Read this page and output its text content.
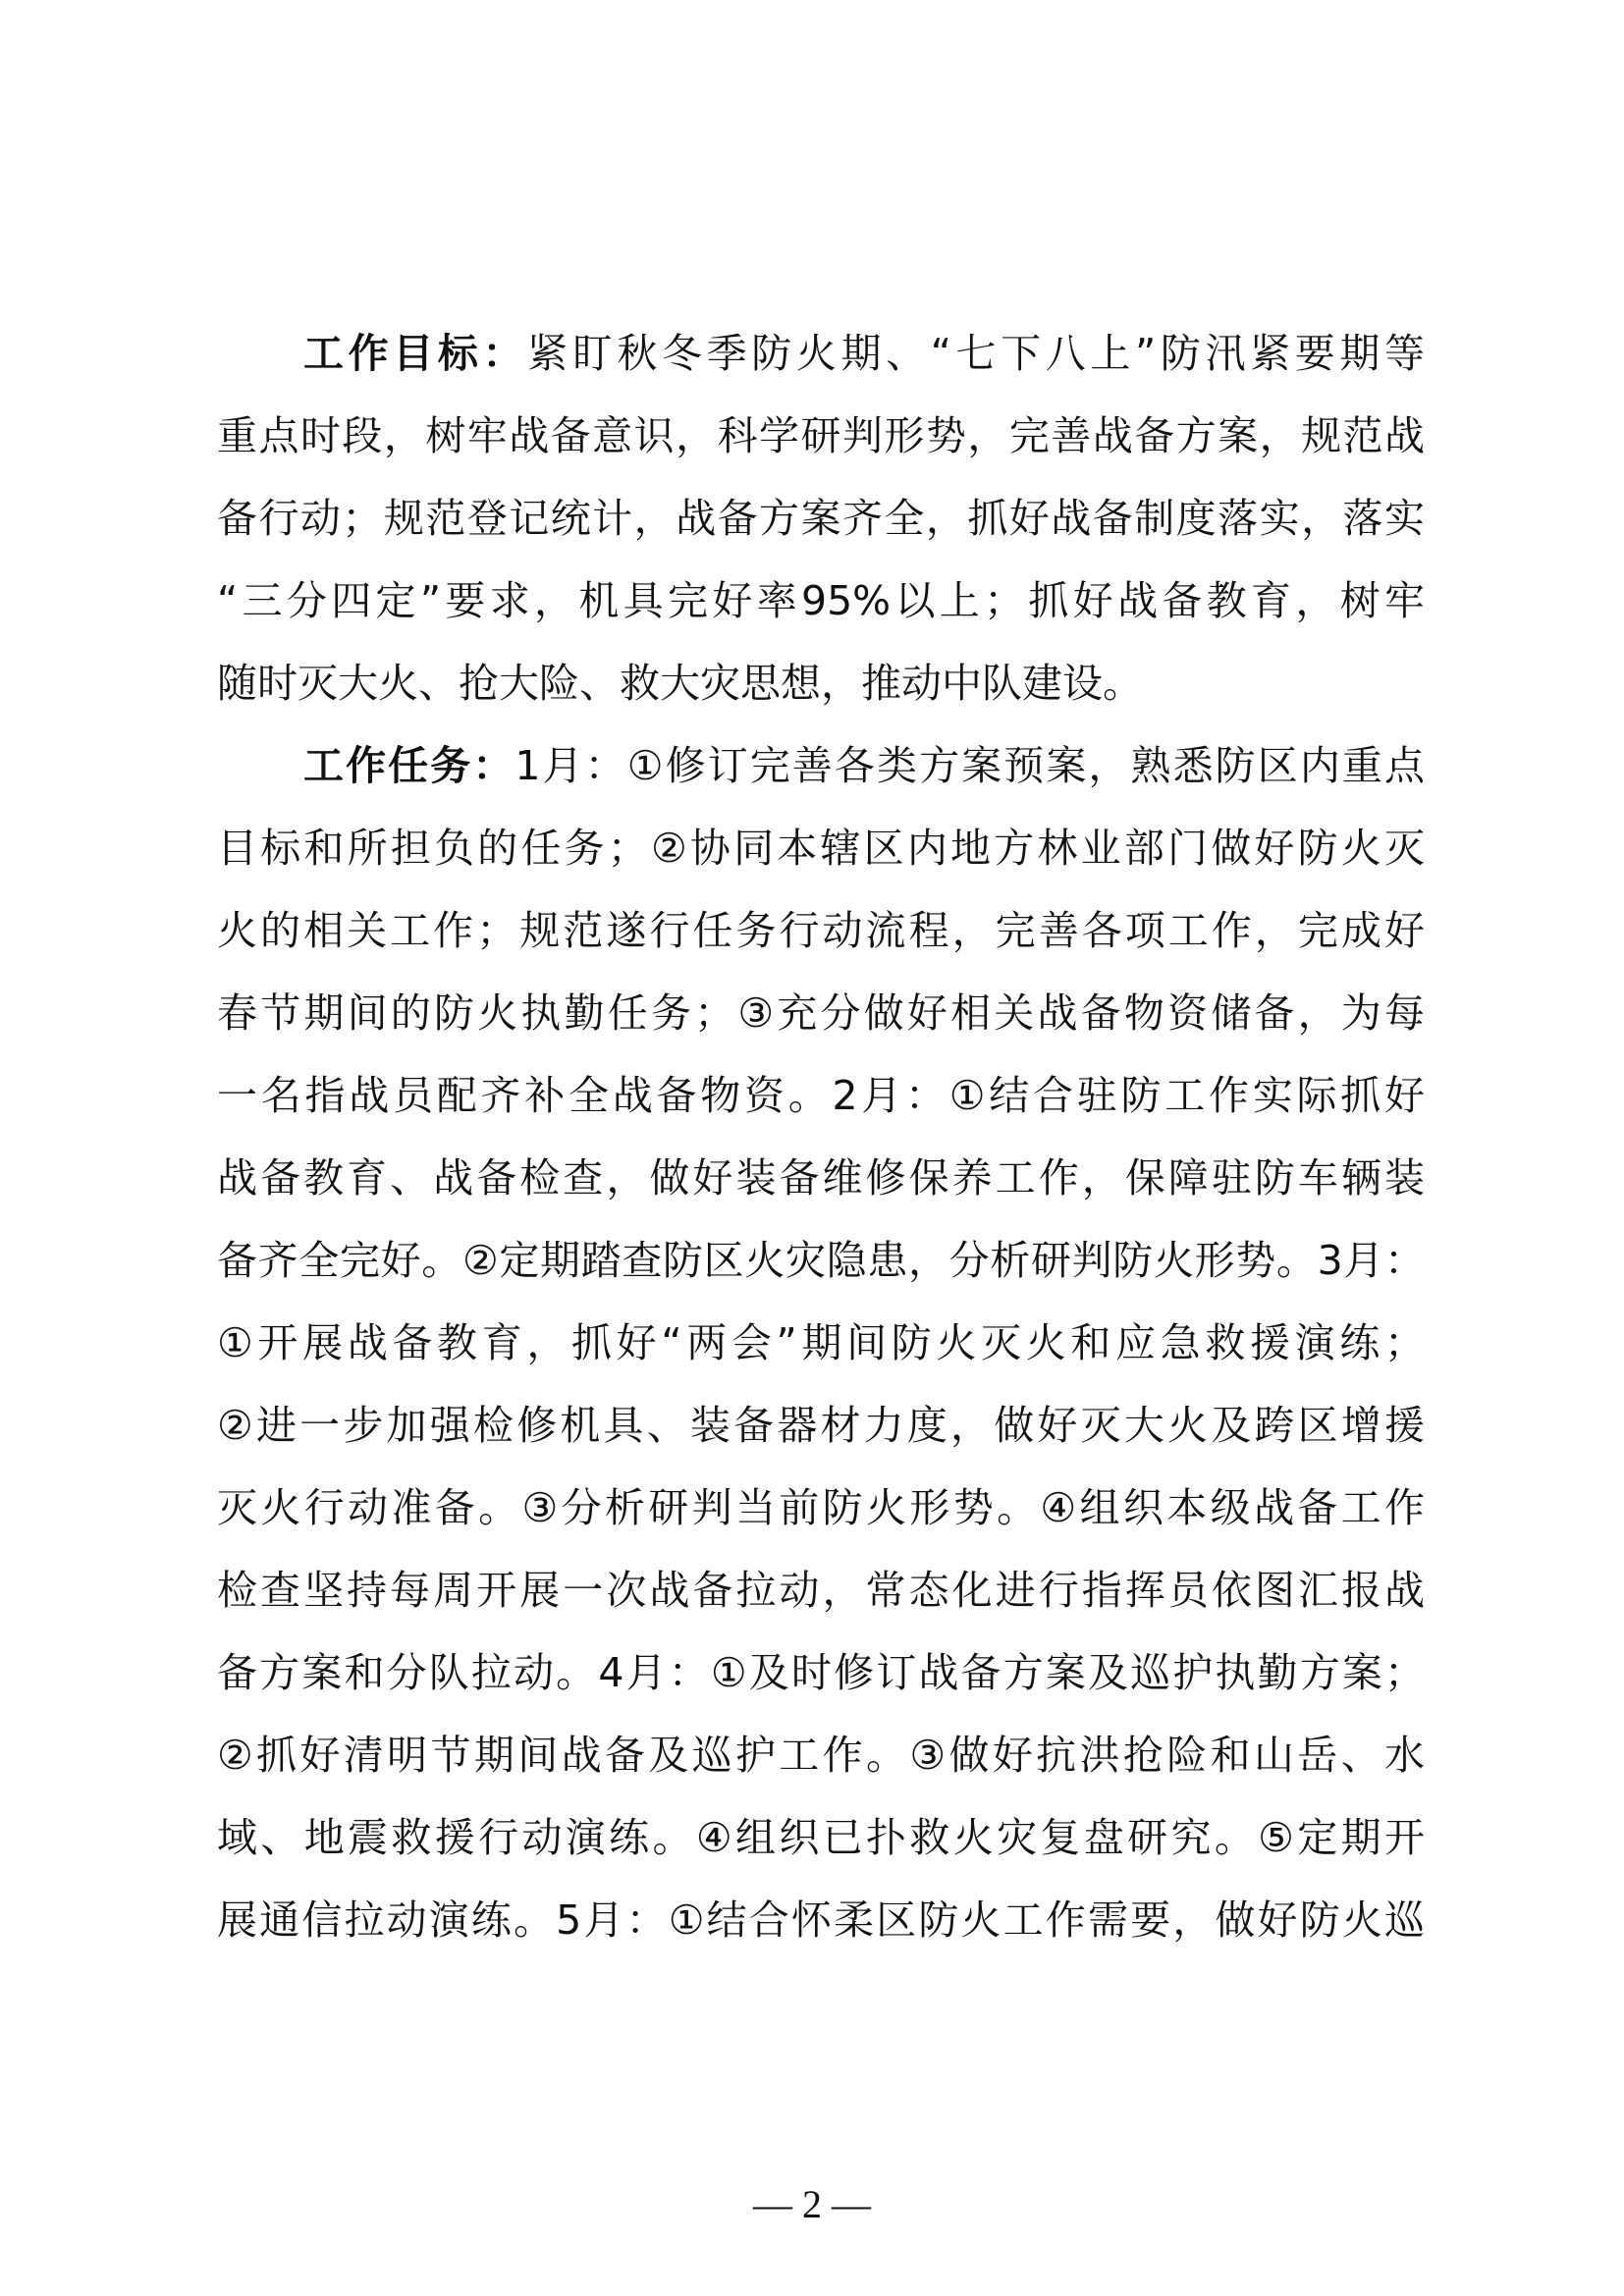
工作目标：紧盯秋冬季防火期、“七下八上”防汛紧要期等
重点时段，树牢战备意识，科学研判形势，完善战备方案，规范战
备行动；规范登记统计，战备方案齐全，抓好战备制度落实，落实
“三分四定”要求，机具完好率95%以上；抓好战备教育，树牢
随时灭大火、抢大险、救大灾思想，推动中队建设。
工作任务：1月：①修订完善各类方案预案，熟悉防区内重点
目标和所担负的任务；②协同本辖区内地方林业部门做好防火灭
火的相关工作；规范遂行任务行动流程，完善各项工作，完成好
春节期间的防火执勤任务；③充分做好相关战备物资储备，为每
一名指战员配齐补全战备物资。2月：①结合驻防工作实际抓好
战备教育、战备检查，做好装备维修保养工作，保障驻防车辆装
备齐全完好。②定期踏查防区火灾隐患，分析研判防火形势。3月：
①开展战备教育，抓好“两会”期间防火灭火和应急救援演练；
②进一步加强检修机具、装备器材力度，做好灭大火及跨区增援
灭火行动准备。③分析研判当前防火形势。④组织本级战备工作
检查坚持每周开展一次战备拉动，常态化进行指挥员依图汇报战
备方案和分队拉动。4月：①及时修订战备方案及巡护执勤方案；
②抓好清明节期间战备及巡护工作。③做好抗洪抢险和山岳、水
域、地震救援行动演练。④组织已扑救火灾复盘研究。⑤定期开
展通信拉动演练。5月：①结合怀柔区防火工作需要，做好防火巡
— 2 —
